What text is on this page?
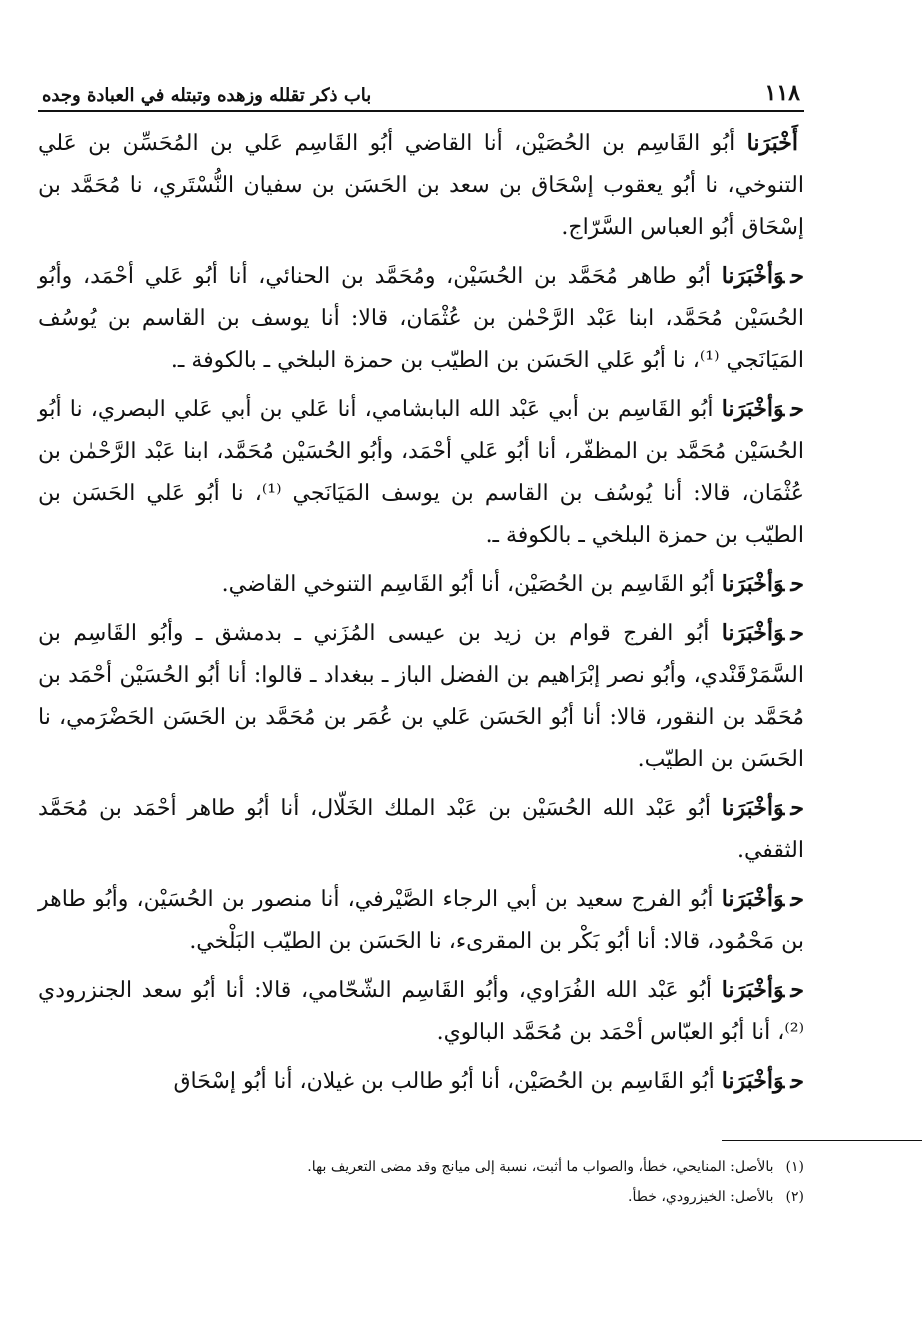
١١٨
باب ذكر تقلله وزهده وتبتله في العبادة وجده

أَخْبَرَنا أبُو القَاسِم بن الحُصَيْن، أنا القاضي أبُو القَاسِم عَلي بن المُحَسِّن بن عَلي التنوخي، نا أبُو يعقوب إسْحَاق بن سعد بن الحَسَن بن سفيان النُّسْتَري، نا مُحَمَّد بن إسْحَاق أبُو العباس السَّرّاج.

حوَأخْبَرَنا أبُو طاهر مُحَمَّد بن الحُسَيْن، ومُحَمَّد بن الحنائي، أنا أبُو عَلي أحْمَد، وأبُو الحُسَيْن مُحَمَّد، ابنا عَبْد الرَّحْمٰن بن عُثْمَان، قالا: أنا يوسف بن القاسم بن يُوسُف المَيَانَجي ⁽¹⁾، نا أبُو عَلي الحَسَن بن الطيّب بن حمزة البلخي ـ بالكوفة ـ.

حوَأخْبَرَنا أبُو القَاسِم بن أبي عَبْد الله البابشامي، أنا عَلي بن أبي عَلي البصري، نا أبُو الحُسَيْن مُحَمَّد بن المظفّر، أنا أبُو عَلي أحْمَد، وأبُو الحُسَيْن مُحَمَّد، ابنا عَبْد الرَّحْمٰن بن عُثْمَان، قالا: أنا يُوسُف بن القاسم بن يوسف المَيَانَجي ⁽¹⁾، نا أبُو عَلي الحَسَن بن الطيّب بن حمزة البلخي ـ بالكوفة ـ.

حوَأخْبَرَنا أبُو القَاسِم بن الحُصَيْن، أنا أبُو القَاسِم التنوخي القاضي.

حوَأخْبَرَنا أبُو الفرج قوام بن زيد بن عيسى المُزَني ـ بدمشق ـ وأبُو القَاسِم بن السَّمَرْقَنْدي، وأبُو نصر إبْرَاهيم بن الفضل الباز ـ ببغداد ـ قالوا: أنا أبُو الحُسَيْن أحْمَد بن مُحَمَّد بن النقور، قالا: أنا أبُو الحَسَن عَلي بن عُمَر بن مُحَمَّد بن الحَسَن الحَضْرَمي، نا الحَسَن بن الطيّب.

حوَأخْبَرَنا أبُو عَبْد الله الحُسَيْن بن عَبْد الملك الخَلّال، أنا أبُو طاهر أحْمَد بن مُحَمَّد الثقفي.

حوَأخْبَرَنا أبُو الفرج سعيد بن أبي الرجاء الصَّيْرفي، أنا منصور بن الحُسَيْن، وأبُو طاهر بن مَحْمُود، قالا: أنا أبُو بَكْر بن المقرىء، نا الحَسَن بن الطيّب البَلْخي.

حوَأخْبَرَنا أبُو عَبْد الله الفُرَاوي، وأبُو القَاسِم الشّحّامي، قالا: أنا أبُو سعد الجنزرودي ⁽²⁾، أنا أبُو العبّاس أحْمَد بن مُحَمَّد البالوي.

حوَأخْبَرَنا أبُو القَاسِم بن الحُصَيْن، أنا أبُو طالب بن غيلان، أنا أبُو إسْحَاق

(١)بالأصل: المنايحي، خطأ، والصواب ما أثبت، نسبة إلى ميانج وقد مضى التعريف بها.
(٢)بالأصل: الخيزرودي، خطأ.
